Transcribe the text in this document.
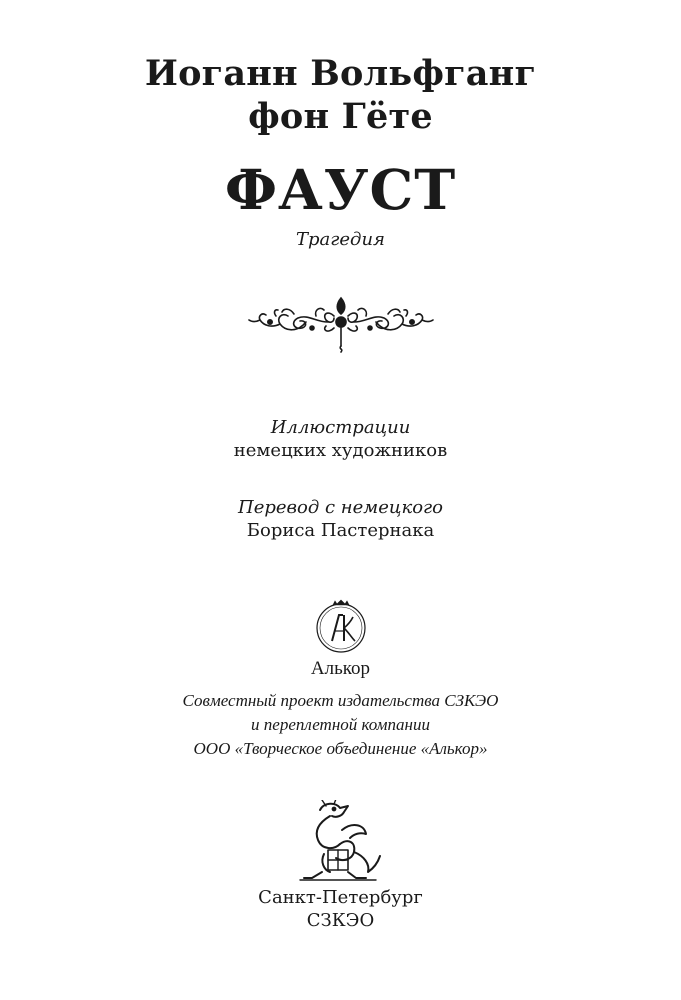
Иоганн Вольфганг
фон Гёте
ФАУСТ
Трагедия
Иллюстрации
немецких художников
Перевод с немецкого
Бориса Пастернака
Алькор
Совместный проект издательства СЗКЭО
и переплетной компании
ООО «Творческое объединение «Алькор»
Санкт-Петербург
СЗКЭО
